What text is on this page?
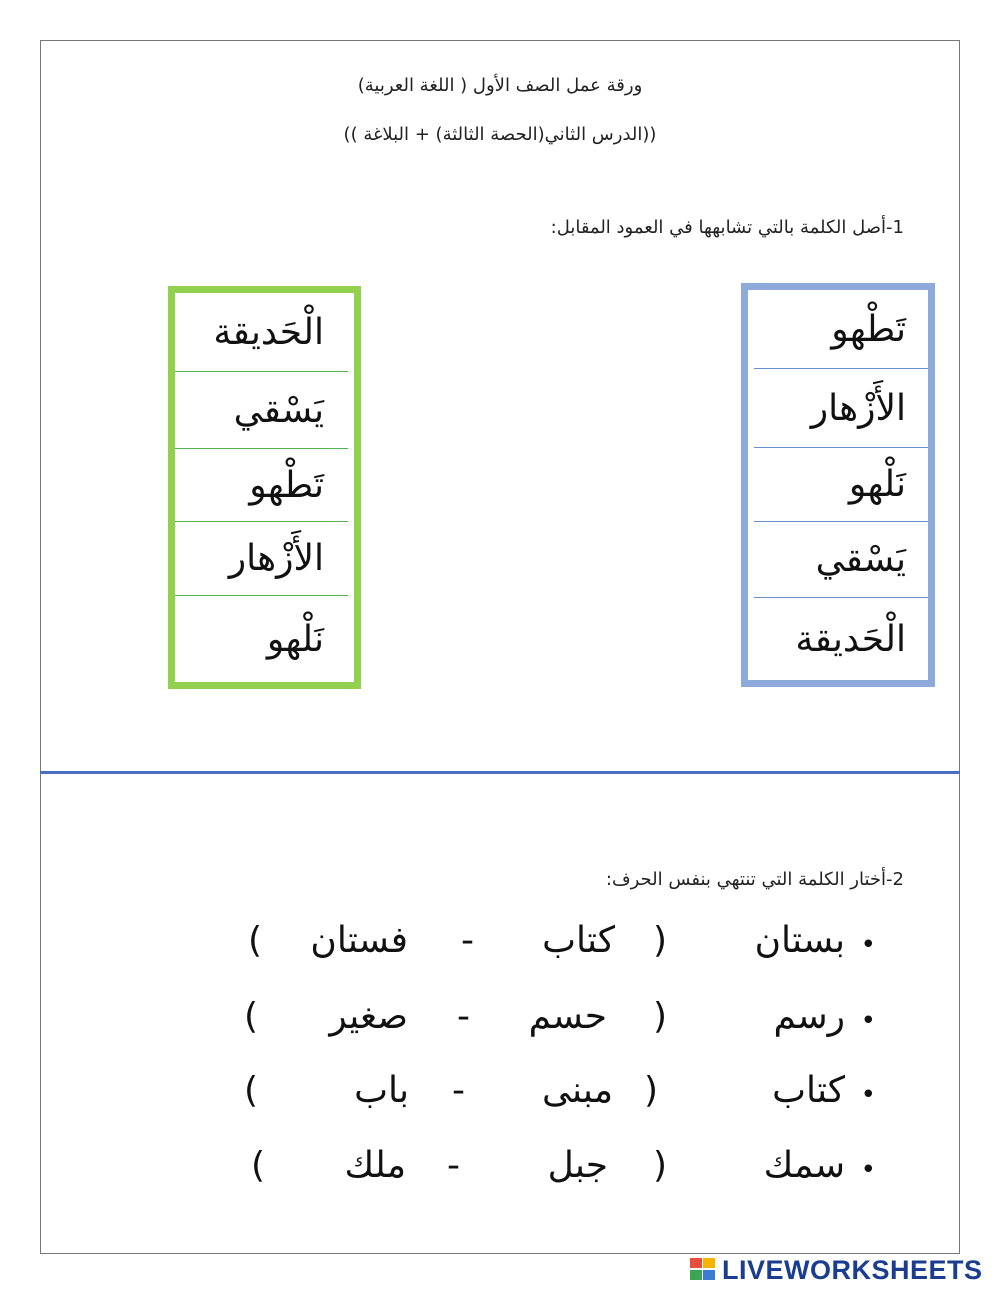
ورقة عمل الصف الأول ( اللغة العربية)
((الدرس الثاني(الحصة الثالثة) + البلاغة ))
1-أصل الكلمة بالتي تشابهها في العمود المقابل:
تَطْهو
الأَزْهار
نَلْهو
يَسْقي
الْحَديقة
الْحَديقة
يَسْقي
تَطْهو
الأَزْهار
نَلْهو
2-أختار الكلمة التي تنتهي بنفس الحرف:
•
بستان
(
كتاب
-
فستان
)
•
رسم
(
حسم
-
صغير
)
•
كتاب
(
مبنى
-
باب
)
•
سمك
(
جبل
-
ملك
)
LIVEWORKSHEETS
